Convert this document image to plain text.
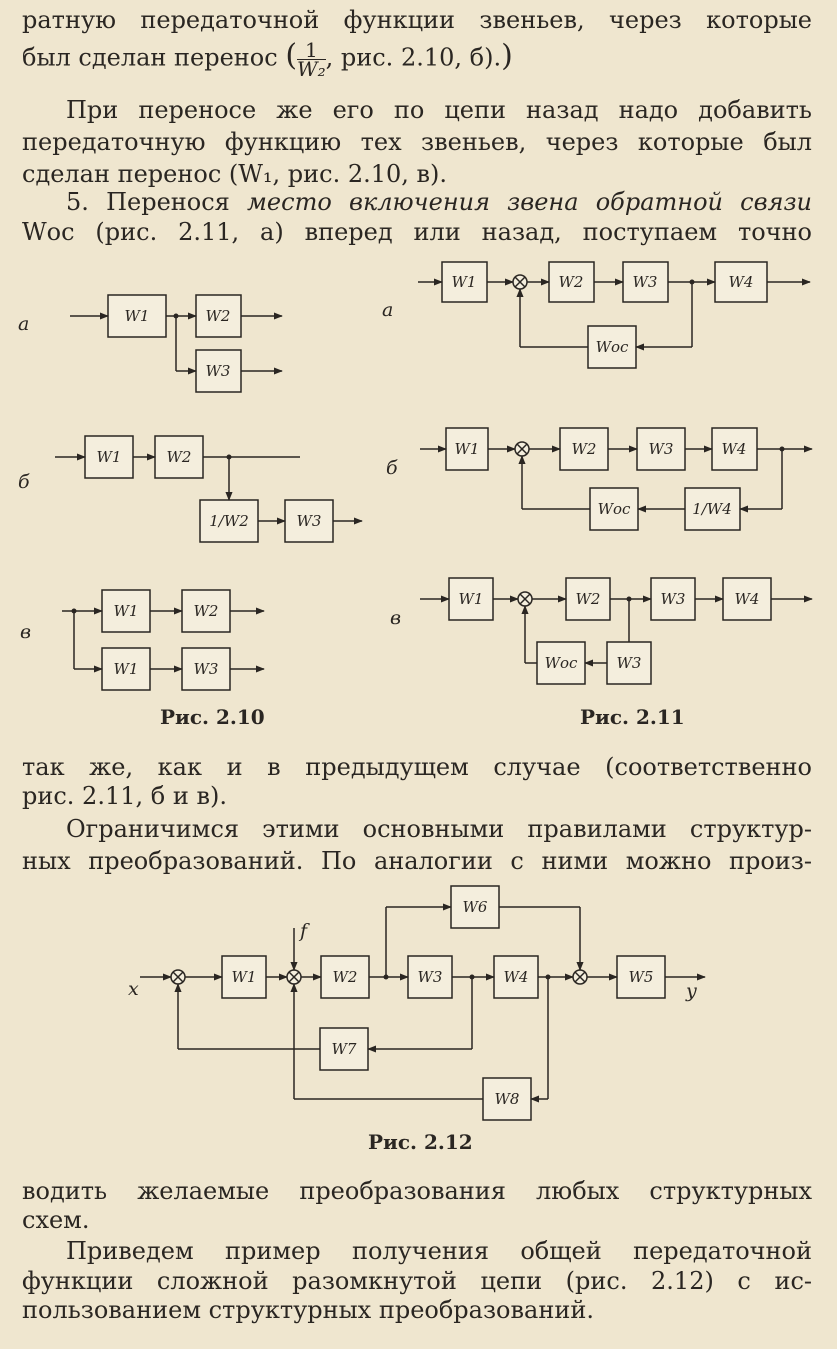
ратную передаточной функции звеньев, через которые
был сделан перенос ( $\frac{1}{\text{W₂}}$ , рис. 2.10, б).)
При переносе же его по цепи назад надо добавить
передаточную функцию тех звеньев, через которые был
сделан перенос (W₁, рис. 2.10, в).
5. Перенося место включения звена обратной связи
Wос (рис. 2.11, а) вперед или назад, поступаем точно
а
б
в
а
б
в
W1	W2
W3
W1	W2
1/W2	W3
W1	W2
W1	W3
W1	W2	W3	W4
Wос
W1	W2	W3	W4
Wос	1/W4
W1	W2	W3	W4
Wос	W3
W1	W2	W3	W4	W5
W6
W7
W8
x	y
f
Рис. 2.10	Рис. 2.11
так же, как и в предыдущем случае (соответственно
рис. 2.11, б и в).
Ограничимся этими основными правилами структур-
ных преобразований. По аналогии с ними можно произ-
Рис. 2.12
водить желаемые преобразования любых структурных
схем.
Приведем пример получения общей передаточной
функции сложной разомкнутой цепи (рис. 2.12) с ис-
пользованием структурных преобразований.
